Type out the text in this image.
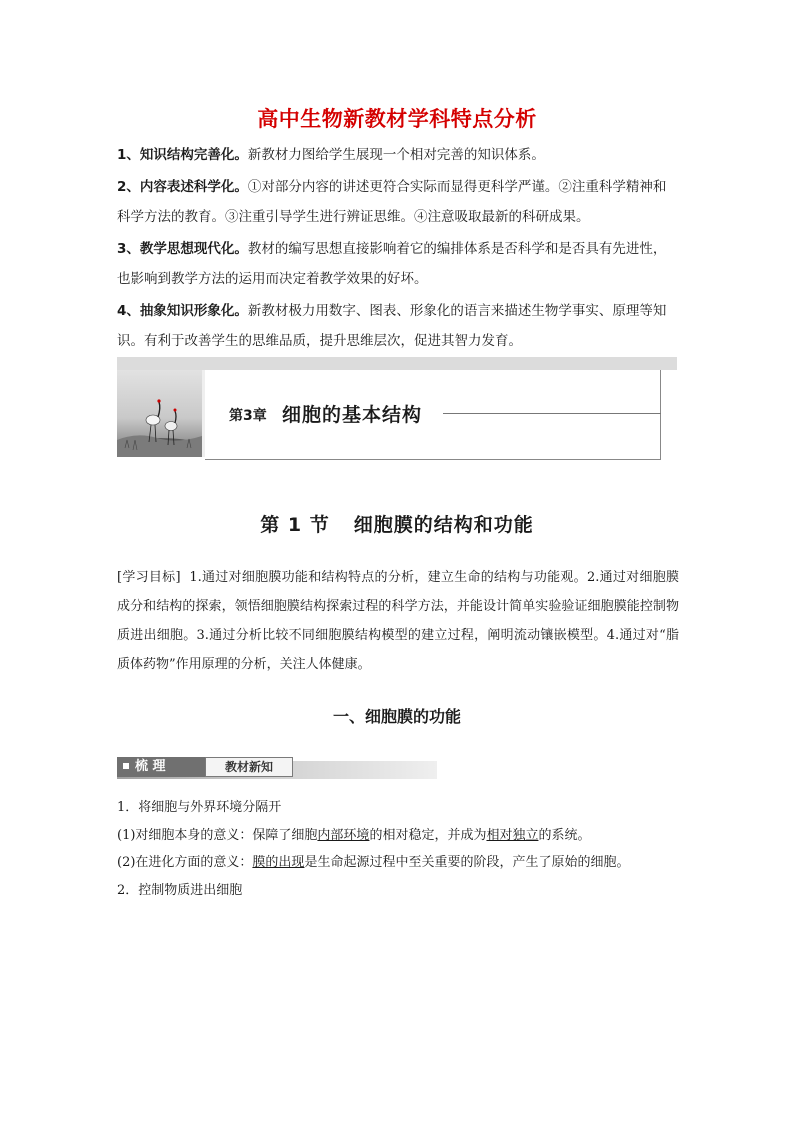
高中生物新教材学科特点分析
1、知识结构完善化。新教材力图给学生展现一个相对完善的知识体系。
2、内容表述科学化。①对部分内容的讲述更符合实际而显得更科学严谨。②注重科学精神和科学方法的教育。③注重引导学生进行辨证思维。④注意吸取最新的科研成果。
3、教学思想现代化。教材的编写思想直接影响着它的编排体系是否科学和是否具有先进性，也影响到教学方法的运用而决定着教学效果的好坏。
4、抽象知识形象化。新教材极力用数字、图表、形象化的语言来描述生物学事实、原理等知识。有利于改善学生的思维品质，提升思维层次，促进其智力发育。
第3章 细胞的基本结构
第 1 节 细胞膜的结构和功能
[学习目标] 1.通过对细胞膜功能和结构特点的分析，建立生命的结构与功能观。2.通过对细胞膜成分和结构的探索，领悟细胞膜结构探索过程的科学方法，并能设计简单实验验证细胞膜能控制物质进出细胞。3.通过分析比较不同细胞膜结构模型的建立过程，阐明流动镶嵌模型。4.通过对“脂质体药物”作用原理的分析，关注人体健康。
一、细胞膜的功能
梳 理	教材新知
1．将细胞与外界环境分隔开
(1)对细胞本身的意义：保障了细胞内部环境的相对稳定，并成为相对独立的系统。
(2)在进化方面的意义：膜的出现是生命起源过程中至关重要的阶段，产生了原始的细胞。
2．控制物质进出细胞
